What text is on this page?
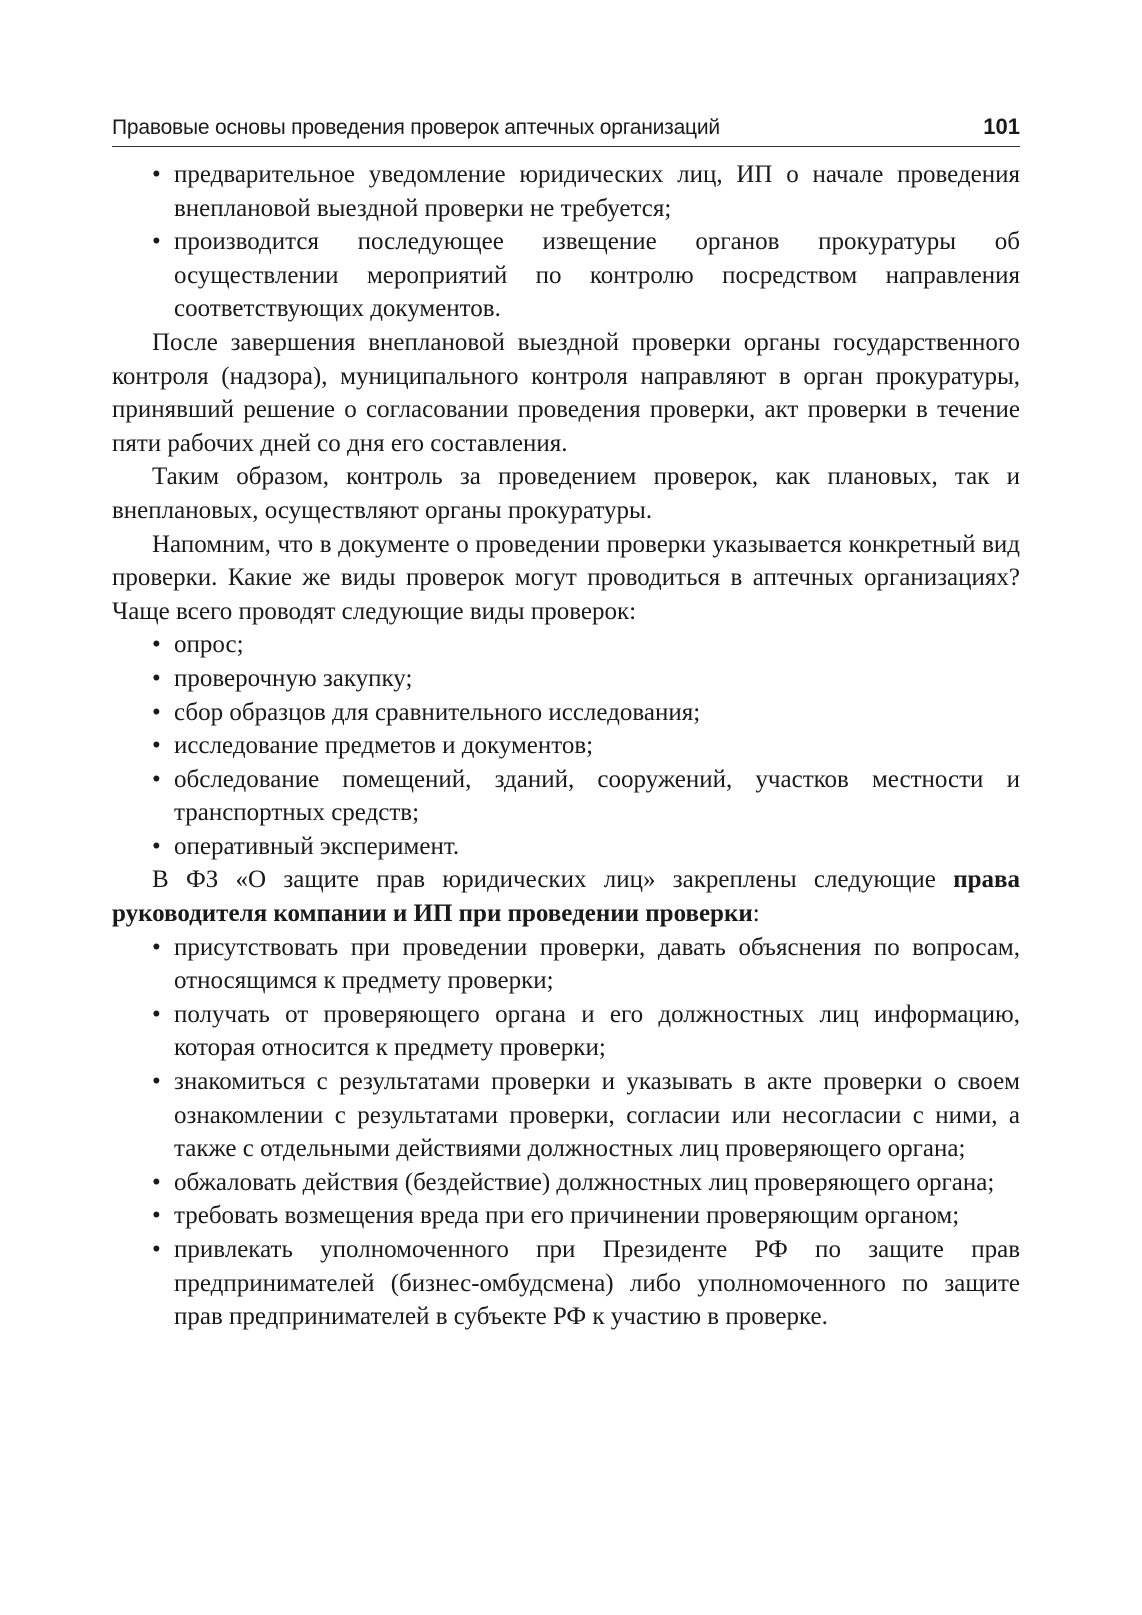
Правовые основы проведения проверок аптечных организаций	101
• предварительное уведомление юридических лиц, ИП о начале проведения внеплановой выездной проверки не требуется;
• производится последующее извещение органов прокуратуры об осуществлении мероприятий по контролю посредством направления соответствующих документов.

После завершения внеплановой выездной проверки органы государственного контроля (надзора), муниципального контроля направляют в орган прокуратуры, принявший решение о согласовании проведения проверки, акт проверки в течение пяти рабочих дней со дня его составления.

Таким образом, контроль за проведением проверок, как плановых, так и внеплановых, осуществляют органы прокуратуры.

Напомним, что в документе о проведении проверки указывается конкретный вид проверки. Какие же виды проверок могут проводиться в аптечных организациях? Чаще всего проводят следующие виды проверок:

• опрос;
• проверочную закупку;
• сбор образцов для сравнительного исследования;
• исследование предметов и документов;
• обследование помещений, зданий, сооружений, участков местности и транспортных средств;
• оперативный эксперимент.

В ФЗ «О защите прав юридических лиц» закреплены следующие права руководителя компании и ИП при проведении проверки:

• присутствовать при проведении проверки, давать объяснения по вопросам, относящимся к предмету проверки;
• получать от проверяющего органа и его должностных лиц информацию, которая относится к предмету проверки;
• знакомиться с результатами проверки и указывать в акте проверки о своем ознакомлении с результатами проверки, согласии или несогласии с ними, а также с отдельными действиями должностных лиц проверяющего органа;
• обжаловать действия (бездействие) должностных лиц проверяющего органа;
• требовать возмещения вреда при его причинении проверяющим органом;
• привлекать уполномоченного при Президенте РФ по защите прав предпринимателей (бизнес-омбудсмена) либо уполномоченного по защите прав предпринимателей в субъекте РФ к участию в проверке.
